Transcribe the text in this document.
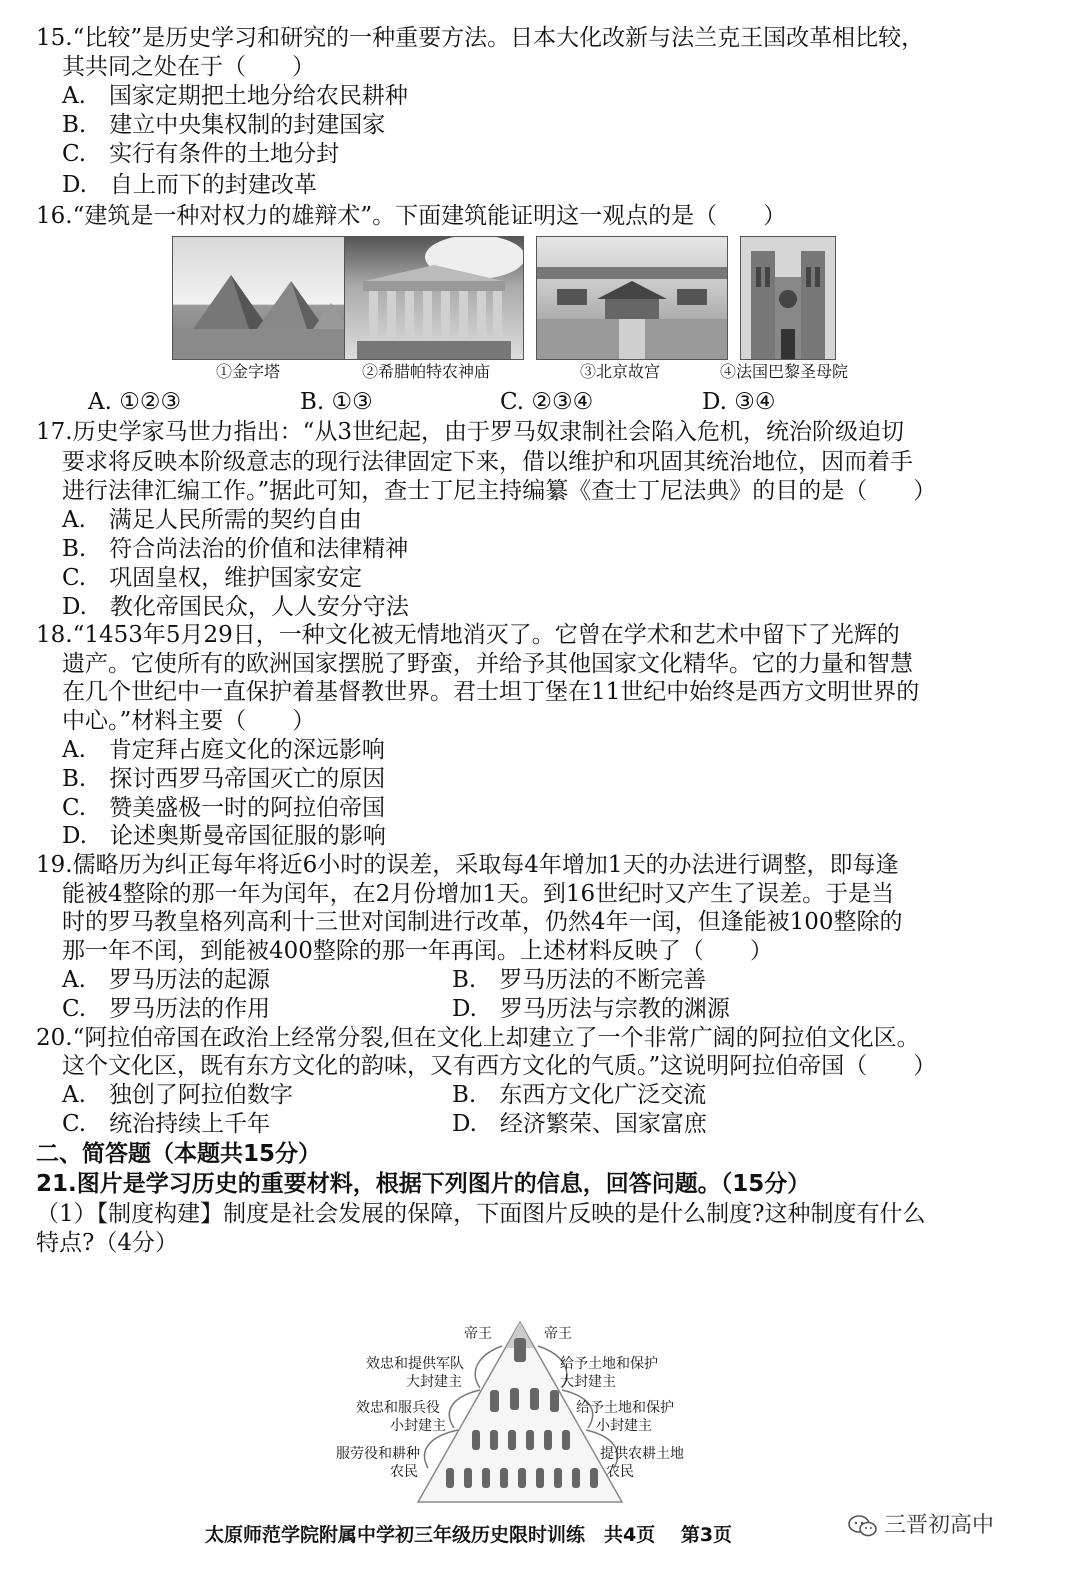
15.“比较”是历史学习和研究的一种重要方法。日本大化改新与法兰克王国改革相比较，
其共同之处在于（　　）
A.　国家定期把土地分给农民耕种
B.　建立中央集权制的封建国家
C.　实行有条件的土地分封
D.　自上而下的封建改革
16.“建筑是一种对权力的雄辩术”。下面建筑能证明这一观点的是（　　）
①金字塔	②希腊帕特农神庙	③北京故宫	④法国巴黎圣母院
A. ①②③	B. ①③	C. ②③④	D. ③④
17.历史学家马世力指出：“从3世纪起，由于罗马奴隶制社会陷入危机，统治阶级迫切
要求将反映本阶级意志的现行法律固定下来，借以维护和巩固其统治地位，因而着手
进行法律汇编工作。”据此可知，查士丁尼主持编纂《查士丁尼法典》的目的是（　　）
A.　满足人民所需的契约自由
B.　符合尚法治的价值和法律精神
C.　巩固皇权，维护国家安定
D.　教化帝国民众，人人安分守法
18.“1453年5月29日，一种文化被无情地消灭了。它曾在学术和艺术中留下了光辉的
遗产。它使所有的欧洲国家摆脱了野蛮，并给予其他国家文化精华。它的力量和智慧
在几个世纪中一直保护着基督教世界。君士坦丁堡在11世纪中始终是西方文明世界的
中心。”材料主要（　　）
A.　肯定拜占庭文化的深远影响
B.　探讨西罗马帝国灭亡的原因
C.　赞美盛极一时的阿拉伯帝国
D.　论述奥斯曼帝国征服的影响
19.儒略历为纠正每年将近6小时的误差，采取每4年增加1天的办法进行调整，即每逢
能被4整除的那一年为闰年，在2月份增加1天。到16世纪时又产生了误差。于是当
时的罗马教皇格列高利十三世对闰制进行改革，仍然4年一闰，但逢能被100整除的
那一年不闰，到能被400整除的那一年再闰。上述材料反映了（　　）
A.　罗马历法的起源	B.　罗马历法的不断完善
C.　罗马历法的作用	D.　罗马历法与宗教的渊源
20.“阿拉伯帝国在政治上经常分裂,但在文化上却建立了一个非常广阔的阿拉伯文化区。
这个文化区，既有东方文化的韵味，又有西方文化的气质。”这说明阿拉伯帝国（　　）
A.　独创了阿拉伯数字	B.　东西方文化广泛交流
C.　统治持续上千年	D.　经济繁荣、国家富庶
二、简答题（本题共15分）
21.图片是学习历史的重要材料，根据下列图片的信息，回答问题。（15分）
（1）【制度构建】制度是社会发展的保障，下面图片反映的是什么制度?这种制度有什么
特点?（4分）
帝王
效忠和提供军队
大封建主
效忠和服兵役
小封建主
服劳役和耕种
农民
帝王
给予土地和保护
大封建主
给予土地和保护
小封建主
提供农耕土地
农民
太原师范学院附属中学初三年级历史限时训练　共4页　 第3页	三晋初高中
